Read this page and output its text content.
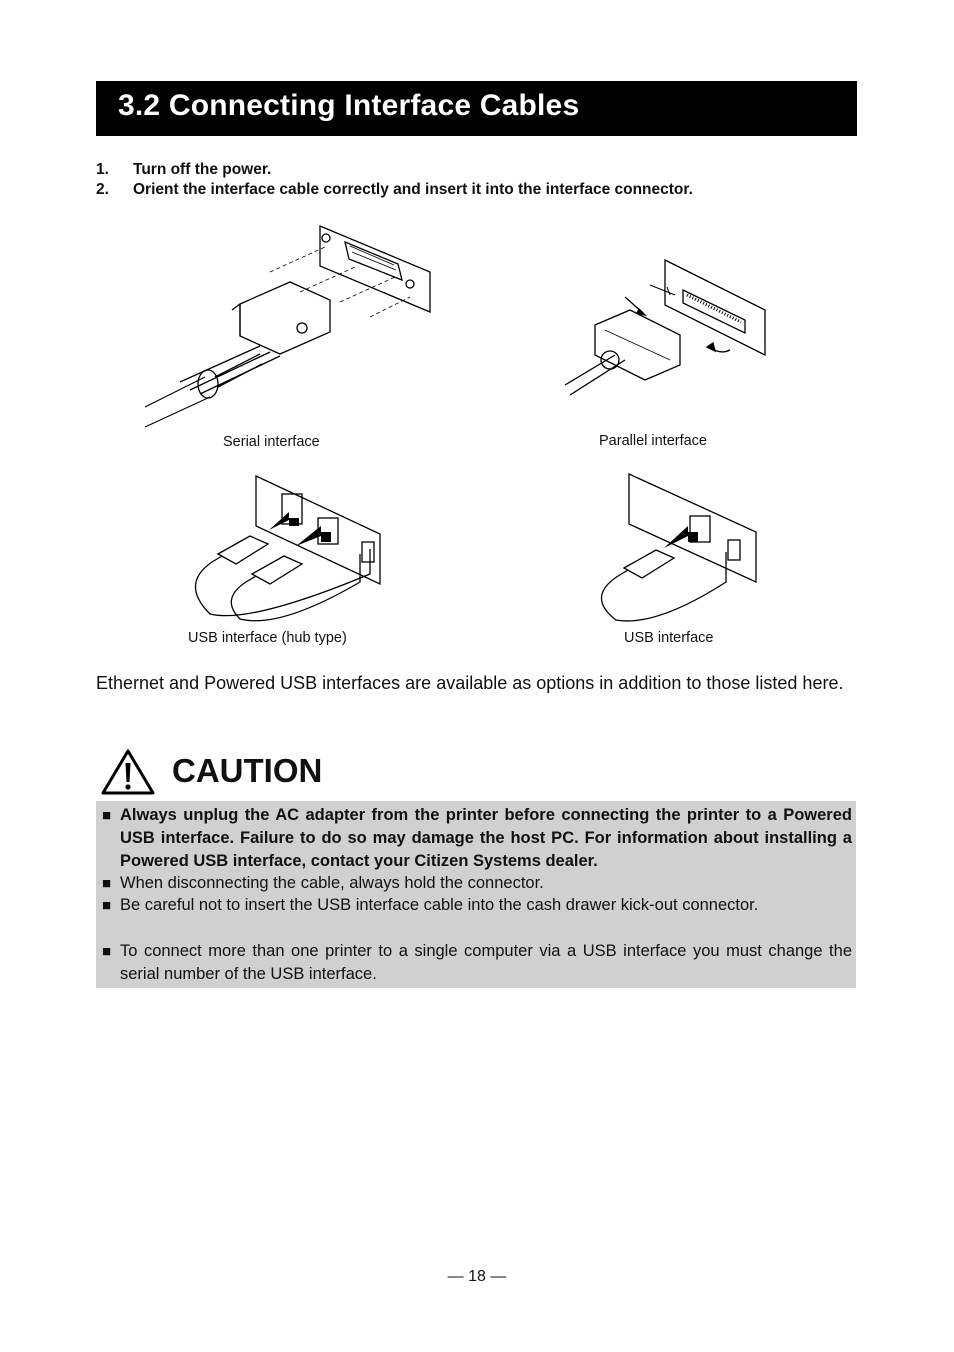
3.2 Connecting Interface Cables
1. Turn off the power.
2. Orient the interface cable correctly and insert it into the interface connector.
Serial interface	Parallel interface
USB interface (hub type)	USB interface
Ethernet and Powered USB interfaces are available as options in addition to those listed here.
CAUTION
■ Always unplug the AC adapter from the printer before connecting the printer to a Powered USB interface. Failure to do so may damage the host PC. For information about installing a Powered USB interface, contact your Citizen Systems dealer.
■ When disconnecting the cable, always hold the connector.
■ Be careful not to insert the USB interface cable into the cash drawer kick-out connector.
■ To connect more than one printer to a single computer via a USB interface you must change the serial number of the USB interface.
— 18 —
